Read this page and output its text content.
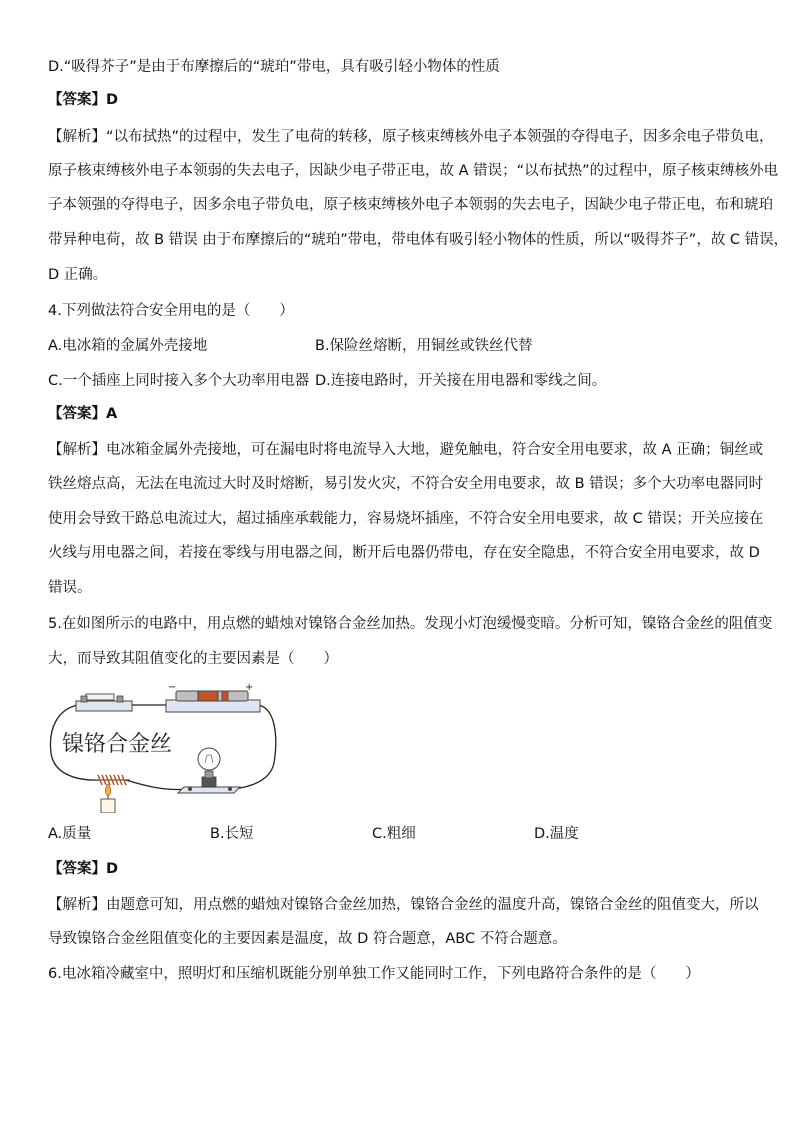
D.“吸得芥子”是由于布摩擦后的“琥珀”带电，具有吸引轻小物体的性质
【答案】D
【解析】“以布拭热”的过程中，发生了电荷的转移，原子核束缚核外电子本领强的夺得电子，因多余电子带负电，
原子核束缚核外电子本领弱的失去电子，因缺少电子带正电，故 A 错误；“以布拭热”的过程中，原子核束缚核外电
子本领强的夺得电子，因多余电子带负电，原子核束缚核外电子本领弱的失去电子，因缺少电子带正电，布和琥珀
带异种电荷，故 B 错误 由于布摩擦后的“琥珀”带电，带电体有吸引轻小物体的性质，所以“吸得芥子”，故 C 错误，
D 正确。
4.下列做法符合安全用电的是（　　）
A.电冰箱的金属外壳接地	B.保险丝熔断，用铜丝或铁丝代替
C.一个插座上同时接入多个大功率用电器 D.连接电路时，开关接在用电器和零线之间。
【答案】A
【解析】电冰箱金属外壳接地，可在漏电时将电流导入大地，避免触电，符合安全用电要求，故 A 正确；铜丝或
铁丝熔点高，无法在电流过大时及时熔断，易引发火灾，不符合安全用电要求，故 B 错误；多个大功率电器同时
使用会导致干路总电流过大，超过插座承载能力，容易烧坏插座，不符合安全用电要求，故 C 错误；开关应接在
火线与用电器之间，若接在零线与用电器之间，断开后电器仍带电，存在安全隐患，不符合安全用电要求，故 D
错误。
5.在如图所示的电路中，用点燃的蜡烛对镍铬合金丝加热。发现小灯泡缓慢变暗。分析可知，镍铬合金丝的阻值变
大，而导致其阻值变化的主要因素是（　　）
−	+
镍铬合金丝
A.质量	B.长短	C.粗细	D.温度
【答案】D
【解析】由题意可知，用点燃的蜡烛对镍铬合金丝加热，镍铬合金丝的温度升高，镍铬合金丝的阻值变大，所以
导致镍铬合金丝阻值变化的主要因素是温度，故 D 符合题意，ABC 不符合题意。
6.电冰箱冷藏室中，照明灯和压缩机既能分别单独工作又能同时工作，下列电路符合条件的是（　　）
